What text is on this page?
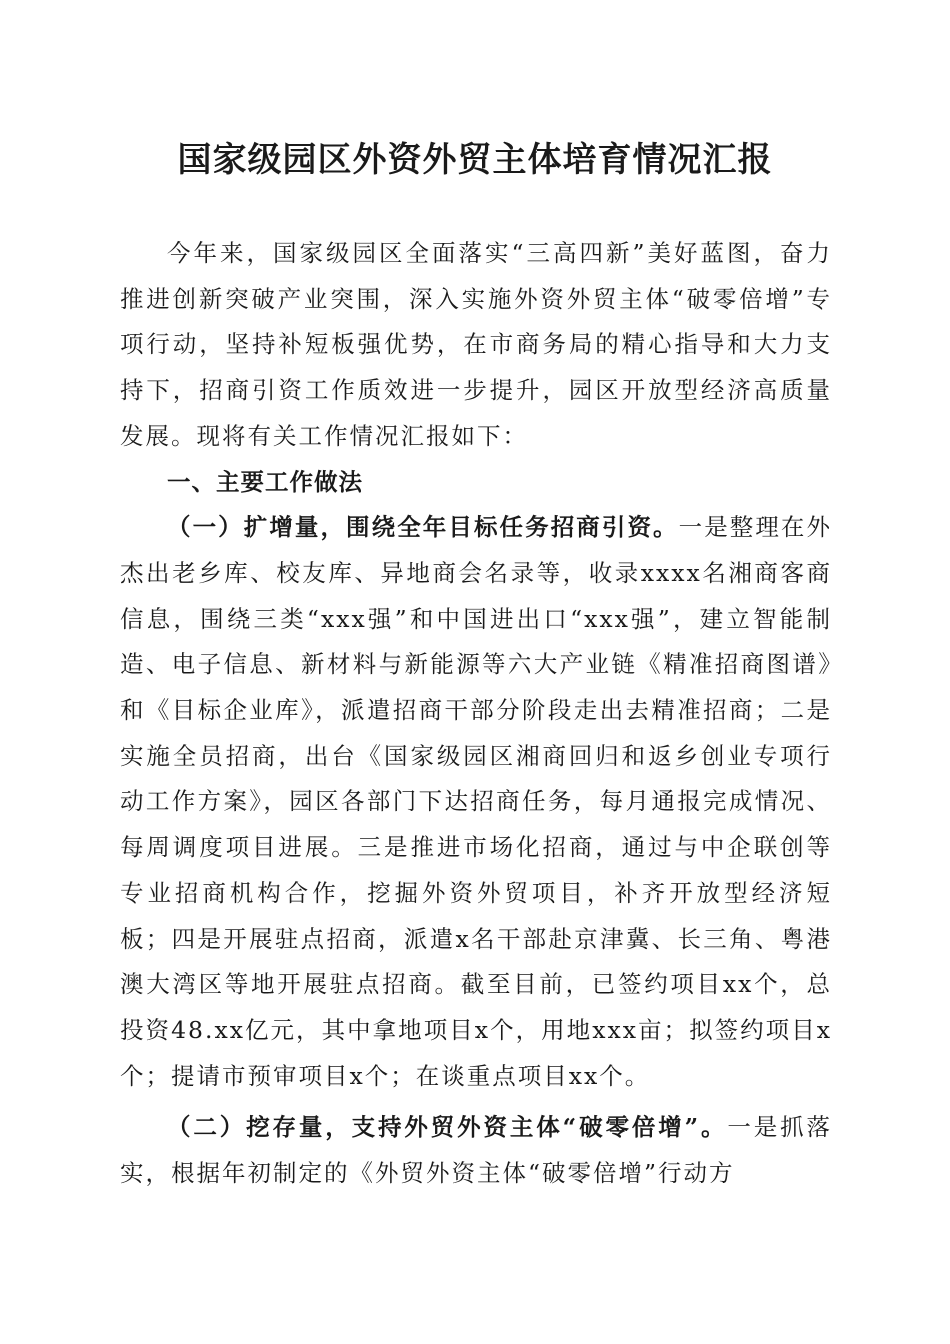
国家级园区外资外贸主体培育情况汇报

今年来，国家级园区全面落实“三高四新”美好蓝图，奋力推进创新突破产业突围，深入实施外资外贸主体“破零倍增”专项行动，坚持补短板强优势，在市商务局的精心指导和大力支持下，招商引资工作质效进一步提升，园区开放型经济高质量发展。现将有关工作情况汇报如下：

一、主要工作做法

（一）扩增量，围绕全年目标任务招商引资。一是整理在外杰出老乡库、校友库、异地商会名录等，收录xxxx名湘商客商信息，围绕三类“xxx强”和中国进出口“xxx强”，建立智能制造、电子信息、新材料与新能源等六大产业链《精准招商图谱》和《目标企业库》，派遣招商干部分阶段走出去精准招商；二是实施全员招商，出台《国家级园区湘商回归和返乡创业专项行动工作方案》，园区各部门下达招商任务，每月通报完成情况、每周调度项目进展。三是推进市场化招商，通过与中企联创等专业招商机构合作，挖掘外资外贸项目，补齐开放型经济短板；四是开展驻点招商，派遣x名干部赴京津冀、长三角、粤港澳大湾区等地开展驻点招商。截至目前，已签约项目xx个，总投资48.xx亿元，其中拿地项目x个，用地xxx亩；拟签约项目x个；提请市预审项目x个；在谈重点项目xx个。

（二）挖存量，支持外贸外资主体“破零倍增”。一是抓落实，根据年初制定的《外贸外资主体“破零倍增”行动方
